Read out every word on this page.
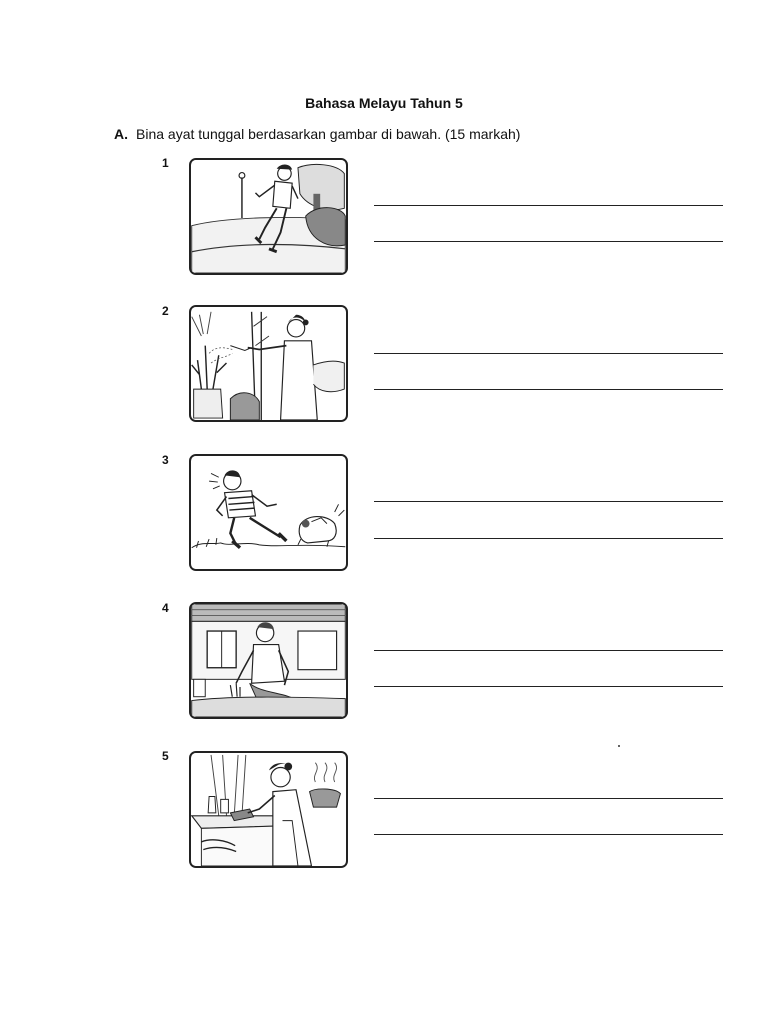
Bahasa Melayu Tahun 5
A. Bina ayat tunggal berdasarkan gambar di bawah. (15 markah)
1
2
3
4
5
